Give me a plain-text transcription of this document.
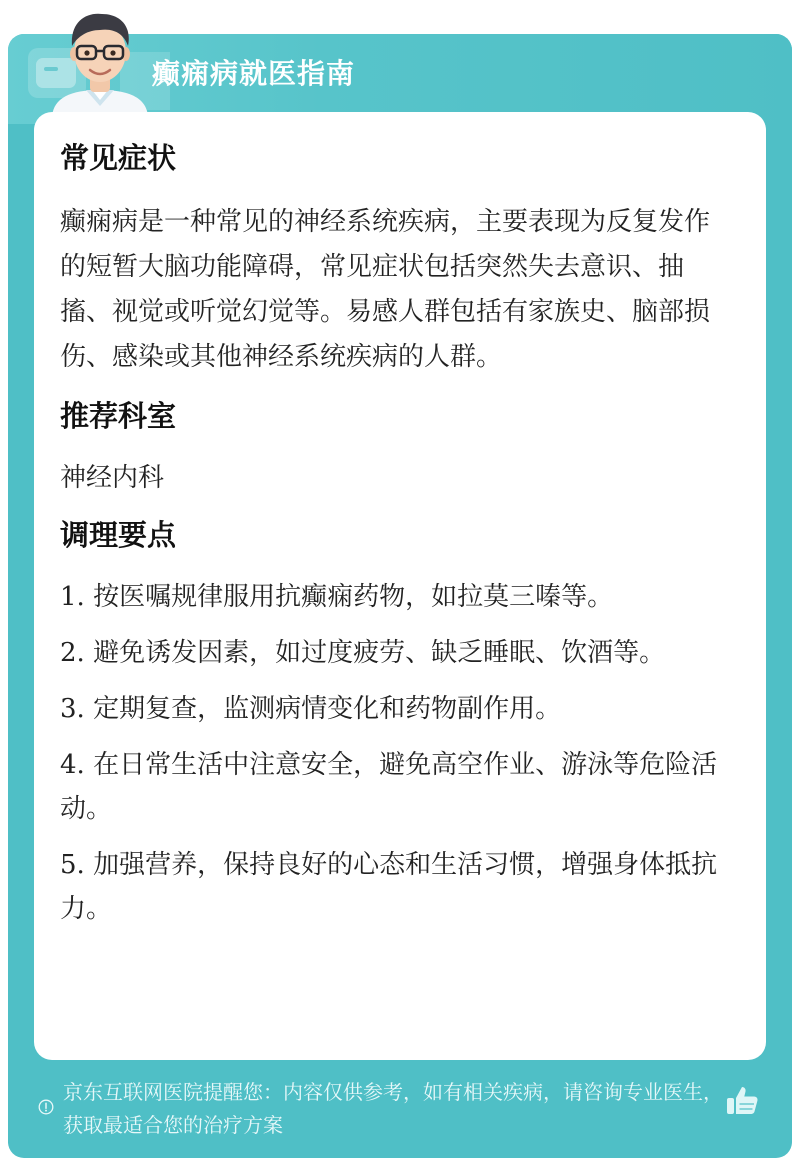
癫痫病就医指南
常见症状

癫痫病是一种常见的神经系统疾病，主要表现为反复发作的短暂大脑功能障碍，常见症状包括突然失去意识、抽搐、视觉或听觉幻觉等。易感人群包括有家族史、脑部损伤、感染或其他神经系统疾病的人群。

推荐科室

神经内科

调理要点

1. 按医嘱规律服用抗癫痫药物，如拉莫三嗪等。

2. 避免诱发因素，如过度疲劳、缺乏睡眠、饮酒等。

3. 定期复查，监测病情变化和药物副作用。

4. 在日常生活中注意安全，避免高空作业、游泳等危险活动。

5. 加强营养，保持良好的心态和生活习惯，增强身体抵抗力。

京东互联网医院提醒您：内容仅供参考，如有相关疾病，请咨询专业医生，获取最适合您的治疗方案
